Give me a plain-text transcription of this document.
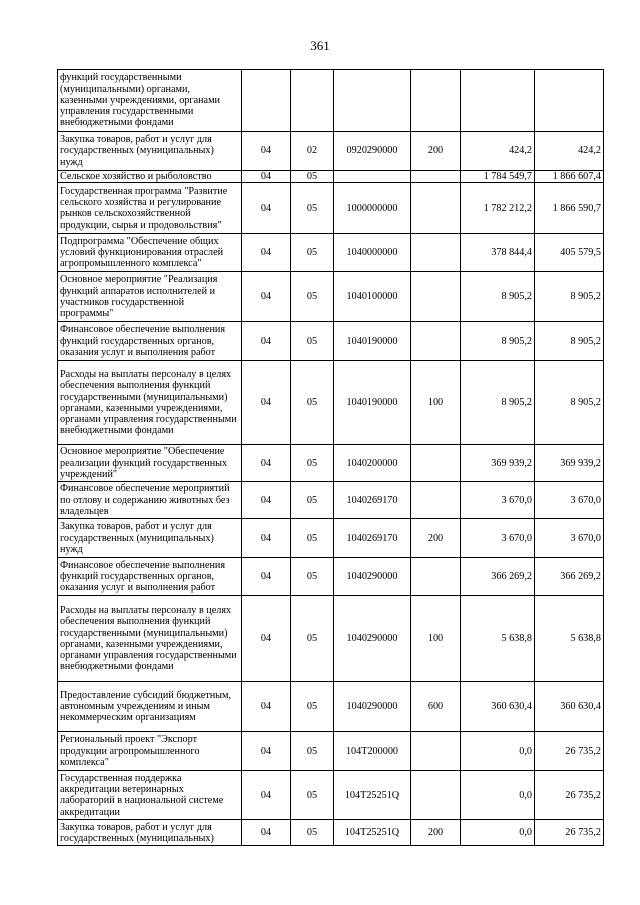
361
функций государственными (муниципальными) органами, казенными учреждениями, органами управления государственными внебюджетными фондами						
Закупка товаров, работ и услуг для государственных (муниципальных) нужд	04	02	0920290000	200	424,2	424,2
Сельское хозяйство и рыболовство	04	05			1 784 549,7	1 866 607,4
Государственная программа "Развитие сельского хозяйства и регулирование рынков сельскохозяйственной продукции, сырья и продовольствия"	04	05	1000000000		1 782 212,2	1 866 590,7
Подпрограмма "Обеспечение общих условий функционирования отраслей агропромышленного комплекса"	04	05	1040000000		378 844,4	405 579,5
Основное мероприятие "Реализация функций аппаратов исполнителей и участников государственной программы"	04	05	1040100000		8 905,2	8 905,2
Финансовое обеспечение выполнения функций государственных органов, оказания услуг и выполнения работ	04	05	1040190000		8 905,2	8 905,2
Расходы на выплаты персоналу в целях обеспечения выполнения функций государственными (муниципальными) органами, казенными учреждениями, органами управления государственными внебюджетными фондами	04	05	1040190000	100	8 905,2	8 905,2
Основное мероприятие "Обеспечение реализации функций государственных учреждений"	04	05	1040200000		369 939,2	369 939,2
Финансовое обеспечение мероприятий по отлову и содержанию животных без владельцев	04	05	1040269170		3 670,0	3 670,0
Закупка товаров, работ и услуг для государственных (муниципальных) нужд	04	05	1040269170	200	3 670,0	3 670,0
Финансовое обеспечение выполнения функций государственных органов, оказания услуг и выполнения работ	04	05	1040290000		366 269,2	366 269,2
Расходы на выплаты персоналу в целях обеспечения выполнения функций государственными (муниципальными) органами, казенными учреждениями, органами управления государственными внебюджетными фондами	04	05	1040290000	100	5 638,8	5 638,8
Предоставление субсидий бюджетным, автономным учреждениям и иным некоммерческим организациям	04	05	1040290000	600	360 630,4	360 630,4
Региональный проект "Экспорт продукции агропромышленного комплекса"	04	05	104T200000		0,0	26 735,2
Государственная поддержка аккредитации ветеринарных лабораторий в национальной системе аккредитации	04	05	104T25251Q		0,0	26 735,2
Закупка товаров, работ и услуг для государственных (муниципальных)	04	05	104T25251Q	200	0,0	26 735,2
